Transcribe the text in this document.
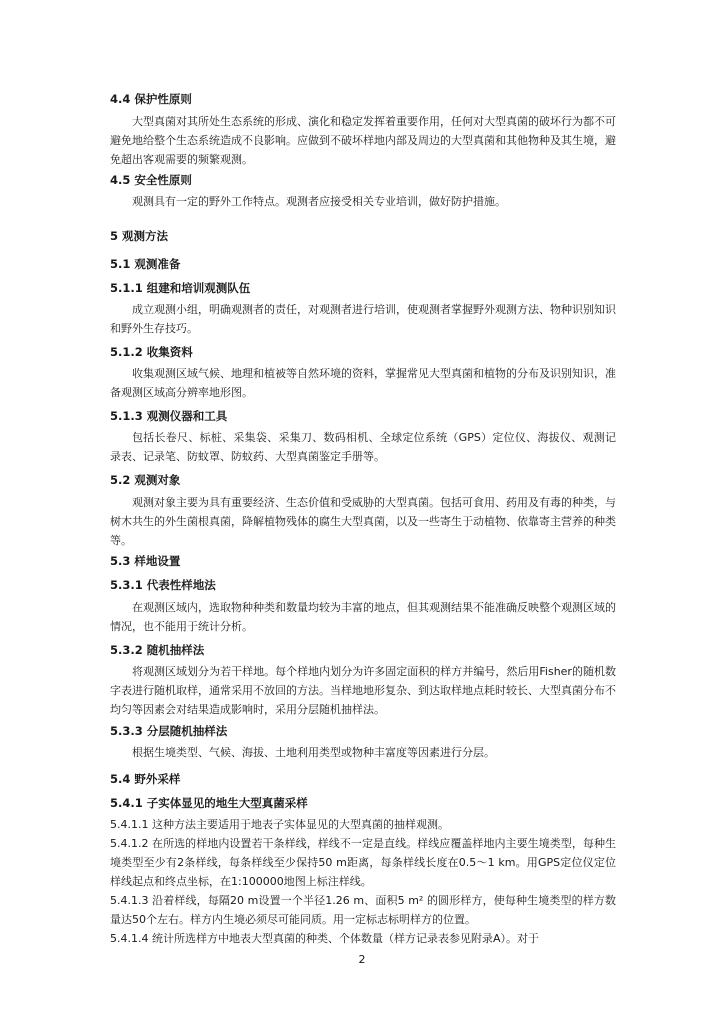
4.4 保护性原则
大型真菌对其所处生态系统的形成、演化和稳定发挥着重要作用，任何对大型真菌的破坏行为都不可避免地给整个生态系统造成不良影响。应做到不破坏样地内部及周边的大型真菌和其他物种及其生境，避免超出客观需要的频繁观测。
4.5 安全性原则
观测具有一定的野外工作特点。观测者应接受相关专业培训，做好防护措施。
5 观测方法
5.1 观测准备
5.1.1 组建和培训观测队伍
成立观测小组，明确观测者的责任，对观测者进行培训，使观测者掌握野外观测方法、物种识别知识和野外生存技巧。
5.1.2 收集资料
收集观测区域气候、地理和植被等自然环境的资料，掌握常见大型真菌和植物的分布及识别知识，准备观测区域高分辨率地形图。
5.1.3 观测仪器和工具
包括长卷尺、标桩、采集袋、采集刀、数码相机、全球定位系统（GPS）定位仪、海拔仪、观测记录表、记录笔、防蚊罩、防蚊药、大型真菌鉴定手册等。
5.2 观测对象
观测对象主要为具有重要经济、生态价值和受威胁的大型真菌。包括可食用、药用及有毒的种类，与树木共生的外生菌根真菌，降解植物残体的腐生大型真菌，以及一些寄生于动植物、依靠寄主营养的种类等。
5.3 样地设置
5.3.1 代表性样地法
在观测区域内，选取物种种类和数量均较为丰富的地点，但其观测结果不能准确反映整个观测区域的情况，也不能用于统计分析。
5.3.2 随机抽样法
将观测区域划分为若干样地。每个样地内划分为许多固定面积的样方并编号，然后用Fisher的随机数字表进行随机取样，通常采用不放回的方法。当样地地形复杂、到达取样地点耗时较长、大型真菌分布不均匀等因素会对结果造成影响时，采用分层随机抽样法。
5.3.3 分层随机抽样法
根据生境类型、气候、海拔、土地利用类型或物种丰富度等因素进行分层。
5.4 野外采样
5.4.1 子实体显见的地生大型真菌采样
5.4.1.1 这种方法主要适用于地表子实体显见的大型真菌的抽样观测。
5.4.1.2 在所选的样地内设置若干条样线，样线不一定是直线。样线应覆盖样地内主要生境类型，每种生境类型至少有2条样线，每条样线至少保持50 m距离，每条样线长度在0.5～1 km。用GPS定位仪定位样线起点和终点坐标，在1:100000地图上标注样线。
5.4.1.3 沿着样线，每隔20 m设置一个半径1.26 m、面积5 m² 的圆形样方，使每种生境类型的样方数量达50个左右。样方内生境必须尽可能同质。用一定标志标明样方的位置。
5.4.1.4 统计所选样方中地表大型真菌的种类、个体数量（样方记录表参见附录A）。对于
2
